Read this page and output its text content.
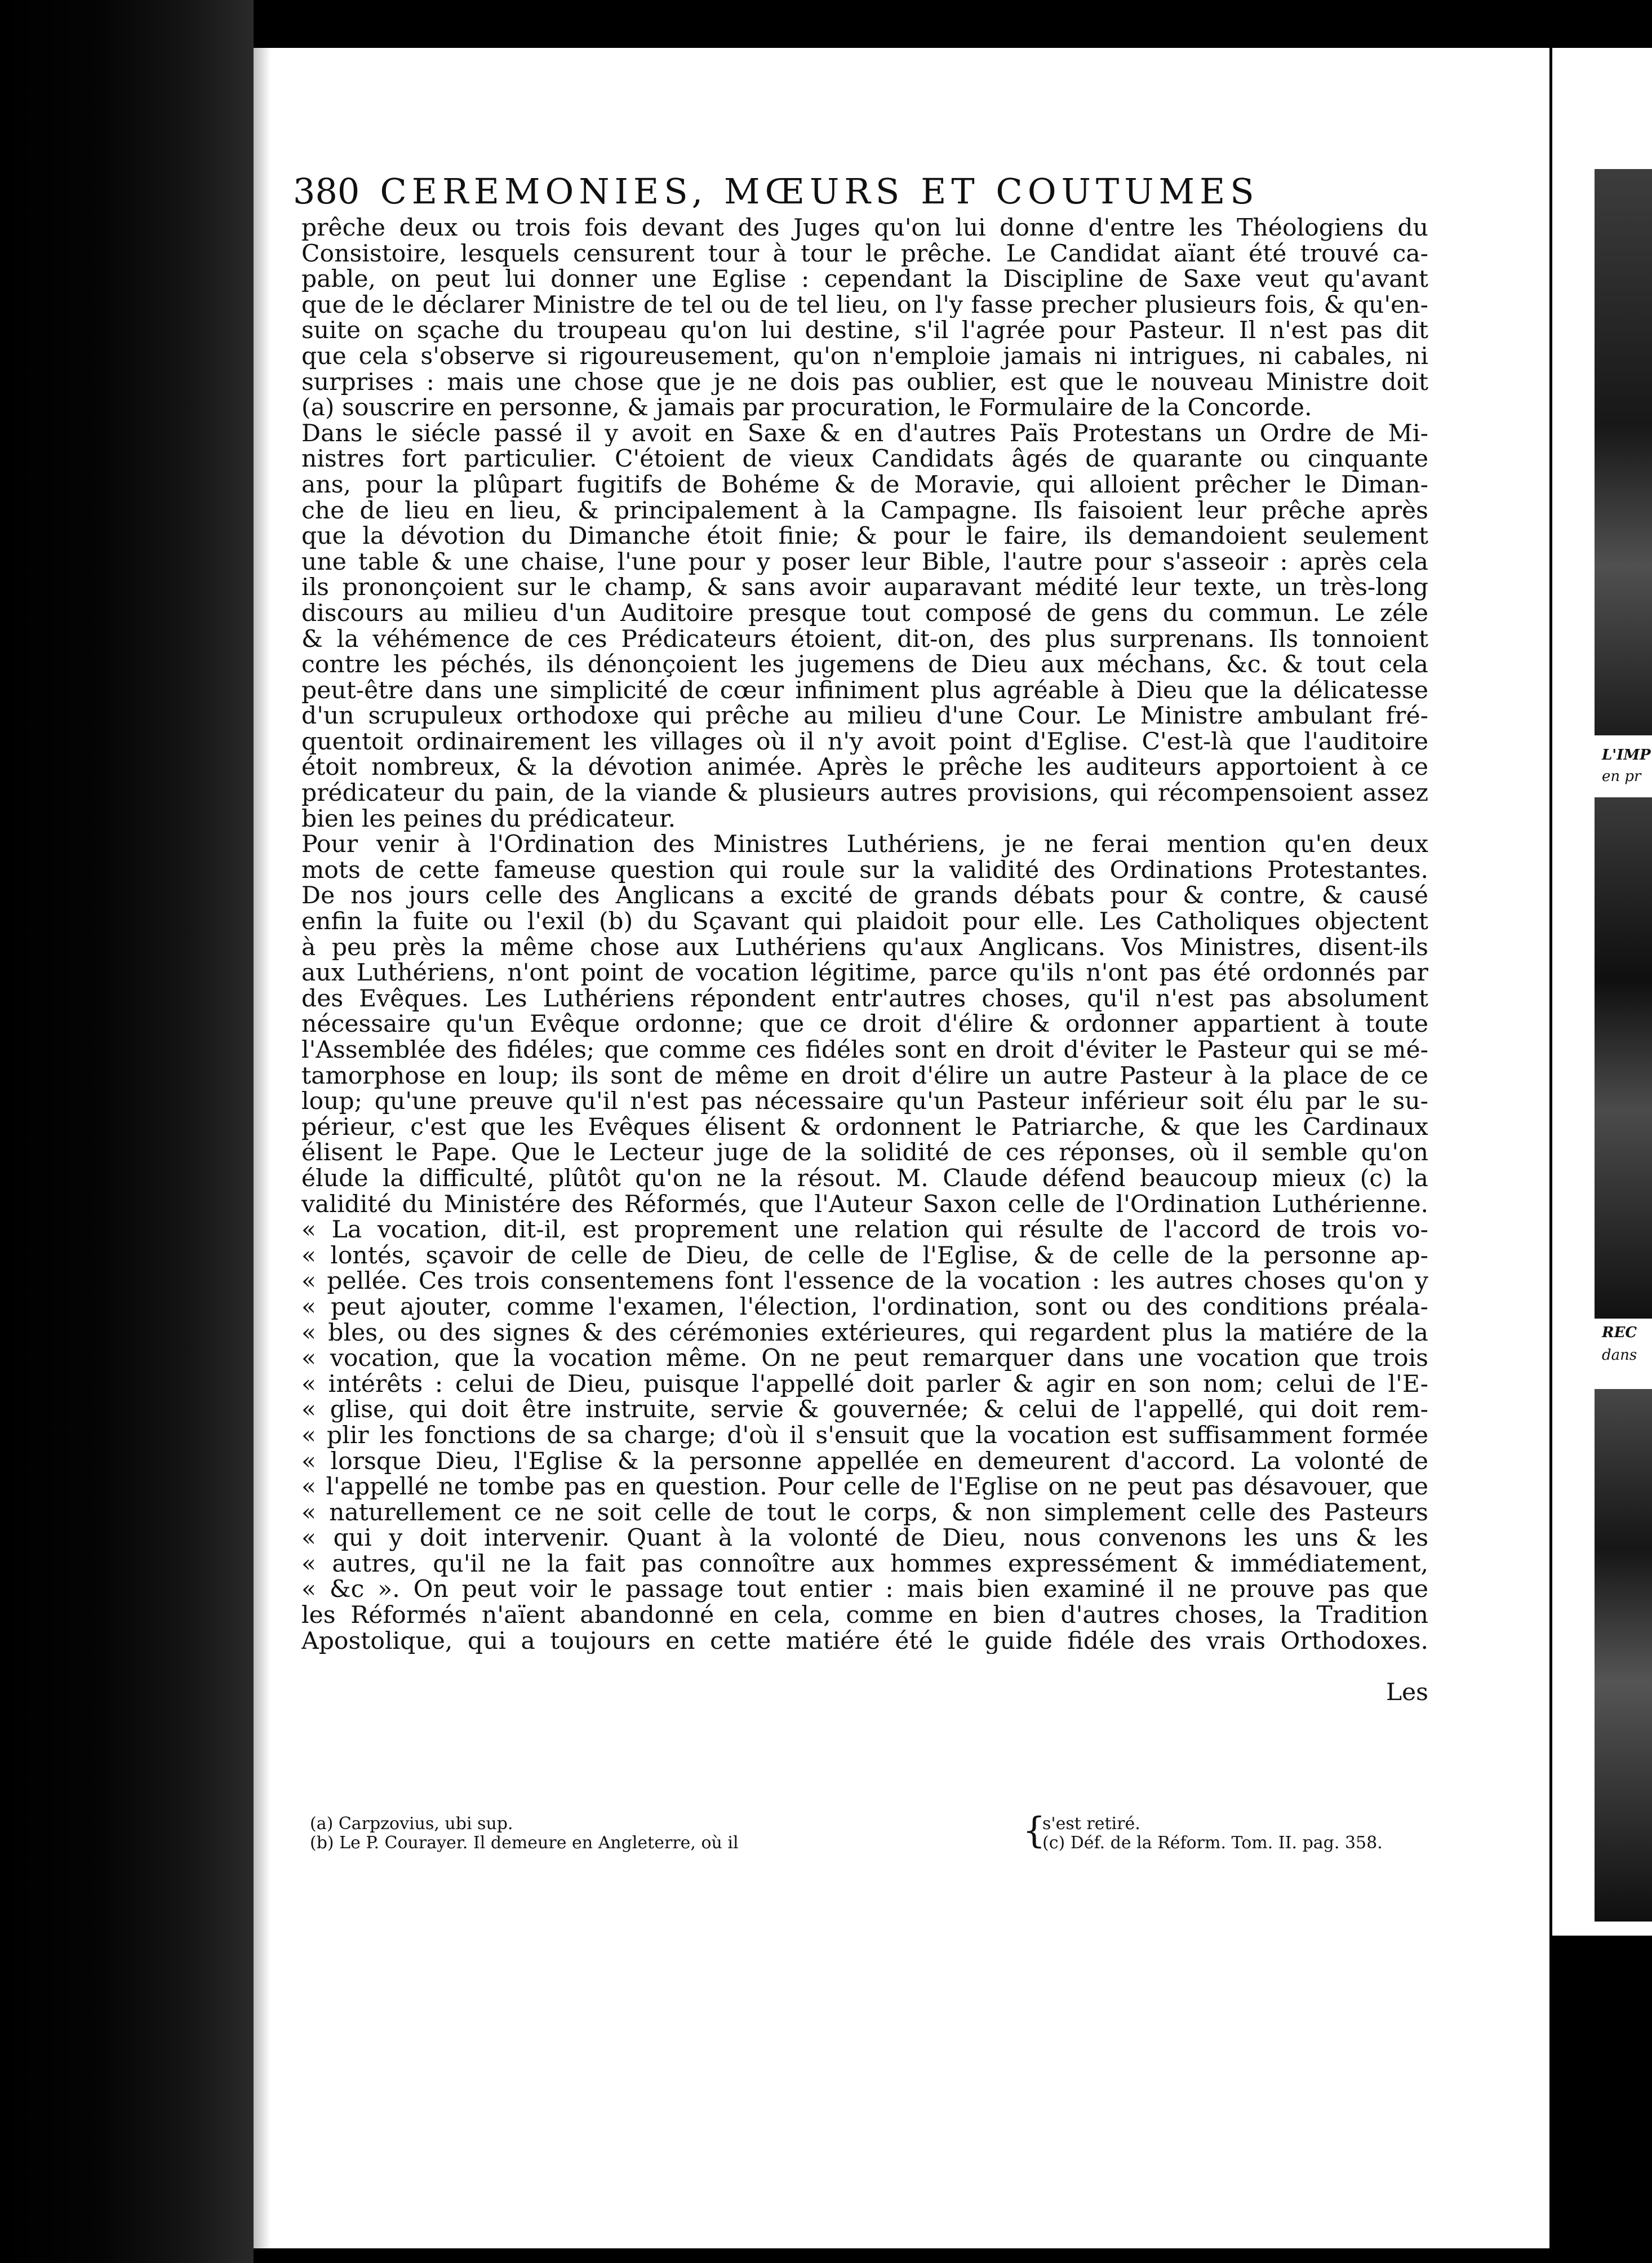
380 CEREMONIES, MŒURS ET COUTUMES
prêche deux ou trois fois devant des Juges qu'on lui donne d'entre les Théologiens du
Consistoire, lesquels censurent tour à tour le prêche. Le Candidat aïant été trouvé ca-
pable, on peut lui donner une Eglise : cependant la Discipline de Saxe veut qu'avant
que de le déclarer Ministre de tel ou de tel lieu, on l'y fasse precher plusieurs fois, & qu'en-
suite on sçache du troupeau qu'on lui destine, s'il l'agrée pour Pasteur. Il n'est pas dit
que cela s'observe si rigoureusement, qu'on n'emploie jamais ni intrigues, ni cabales, ni
surprises : mais une chose que je ne dois pas oublier, est que le nouveau Ministre doit
(a) souscrire en personne, & jamais par procuration, le Formulaire de la Concorde.
Dans le siécle passé il y avoit en Saxe & en d'autres Païs Protestans un Ordre de Mi-
nistres fort particulier. C'étoient de vieux Candidats âgés de quarante ou cinquante
ans, pour la plûpart fugitifs de Bohéme & de Moravie, qui alloient prêcher le Diman-
che de lieu en lieu, & principalement à la Campagne. Ils faisoient leur prêche après
que la dévotion du Dimanche étoit finie; & pour le faire, ils demandoient seulement
une table & une chaise, l'une pour y poser leur Bible, l'autre pour s'asseoir : après cela
ils prononçoient sur le champ, & sans avoir auparavant médité leur texte, un très-long
discours au milieu d'un Auditoire presque tout composé de gens du commun. Le zéle
& la véhémence de ces Prédicateurs étoient, dit-on, des plus surprenans. Ils tonnoient
contre les péchés, ils dénonçoient les jugemens de Dieu aux méchans, &c. & tout cela
peut-être dans une simplicité de cœur infiniment plus agréable à Dieu que la délicatesse
d'un scrupuleux orthodoxe qui prêche au milieu d'une Cour. Le Ministre ambulant fré-
quentoit ordinairement les villages où il n'y avoit point d'Eglise. C'est-là que l'auditoire
étoit nombreux, & la dévotion animée. Après le prêche les auditeurs apportoient à ce
prédicateur du pain, de la viande & plusieurs autres provisions, qui récompensoient assez
bien les peines du prédicateur.
Pour venir à l'Ordination des Ministres Luthériens, je ne ferai mention qu'en deux
mots de cette fameuse question qui roule sur la validité des Ordinations Protestantes.
De nos jours celle des Anglicans a excité de grands débats pour & contre, & causé
enfin la fuite ou l'exil (b) du Sçavant qui plaidoit pour elle. Les Catholiques objectent
à peu près la même chose aux Luthériens qu'aux Anglicans. Vos Ministres, disent-ils
aux Luthériens, n'ont point de vocation légitime, parce qu'ils n'ont pas été ordonnés par
des Evêques. Les Luthériens répondent entr'autres choses, qu'il n'est pas absolument
nécessaire qu'un Evêque ordonne; que ce droit d'élire & ordonner appartient à toute
l'Assemblée des fidéles; que comme ces fidéles sont en droit d'éviter le Pasteur qui se mé-
tamorphose en loup; ils sont de même en droit d'élire un autre Pasteur à la place de ce
loup; qu'une preuve qu'il n'est pas nécessaire qu'un Pasteur inférieur soit élu par le su-
périeur, c'est que les Evêques élisent & ordonnent le Patriarche, & que les Cardinaux
élisent le Pape. Que le Lecteur juge de la solidité de ces réponses, où il semble qu'on
élude la difficulté, plûtôt qu'on ne la résout. M. Claude défend beaucoup mieux (c) la
validité du Ministére des Réformés, que l'Auteur Saxon celle de l'Ordination Luthérienne.
« La vocation, dit-il, est proprement une relation qui résulte de l'accord de trois vo-
« lontés, sçavoir de celle de Dieu, de celle de l'Eglise, & de celle de la personne ap-
« pellée. Ces trois consentemens font l'essence de la vocation : les autres choses qu'on y
« peut ajouter, comme l'examen, l'élection, l'ordination, sont ou des conditions préala-
« bles, ou des signes & des cérémonies extérieures, qui regardent plus la matiére de la
« vocation, que la vocation même. On ne peut remarquer dans une vocation que trois
« intérêts : celui de Dieu, puisque l'appellé doit parler & agir en son nom; celui de l'E-
« glise, qui doit être instruite, servie & gouvernée; & celui de l'appellé, qui doit rem-
« plir les fonctions de sa charge; d'où il s'ensuit que la vocation est suffisamment formée
« lorsque Dieu, l'Eglise & la personne appellée en demeurent d'accord. La volonté de
« l'appellé ne tombe pas en question. Pour celle de l'Eglise on ne peut pas désavouer, que
« naturellement ce ne soit celle de tout le corps, & non simplement celle des Pasteurs
« qui y doit intervenir. Quant à la volonté de Dieu, nous convenons les uns & les
« autres, qu'il ne la fait pas connoître aux hommes expressément & immédiatement,
« &c ». On peut voir le passage tout entier : mais bien examiné il ne prouve pas que
les Réformés n'aïent abandonné en cela, comme en bien d'autres choses, la Tradition
Apostolique, qui a toujours en cette matiére été le guide fidéle des vrais Orthodoxes.
Les
(a) Carpzovius, ubi sup.
(b) Le P. Courayer. Il demeure en Angleterre, où il	{
s'est retiré.
(c) Déf. de la Réform. Tom. II. pag. 358.
L'IMP
en pr
REC
dans
